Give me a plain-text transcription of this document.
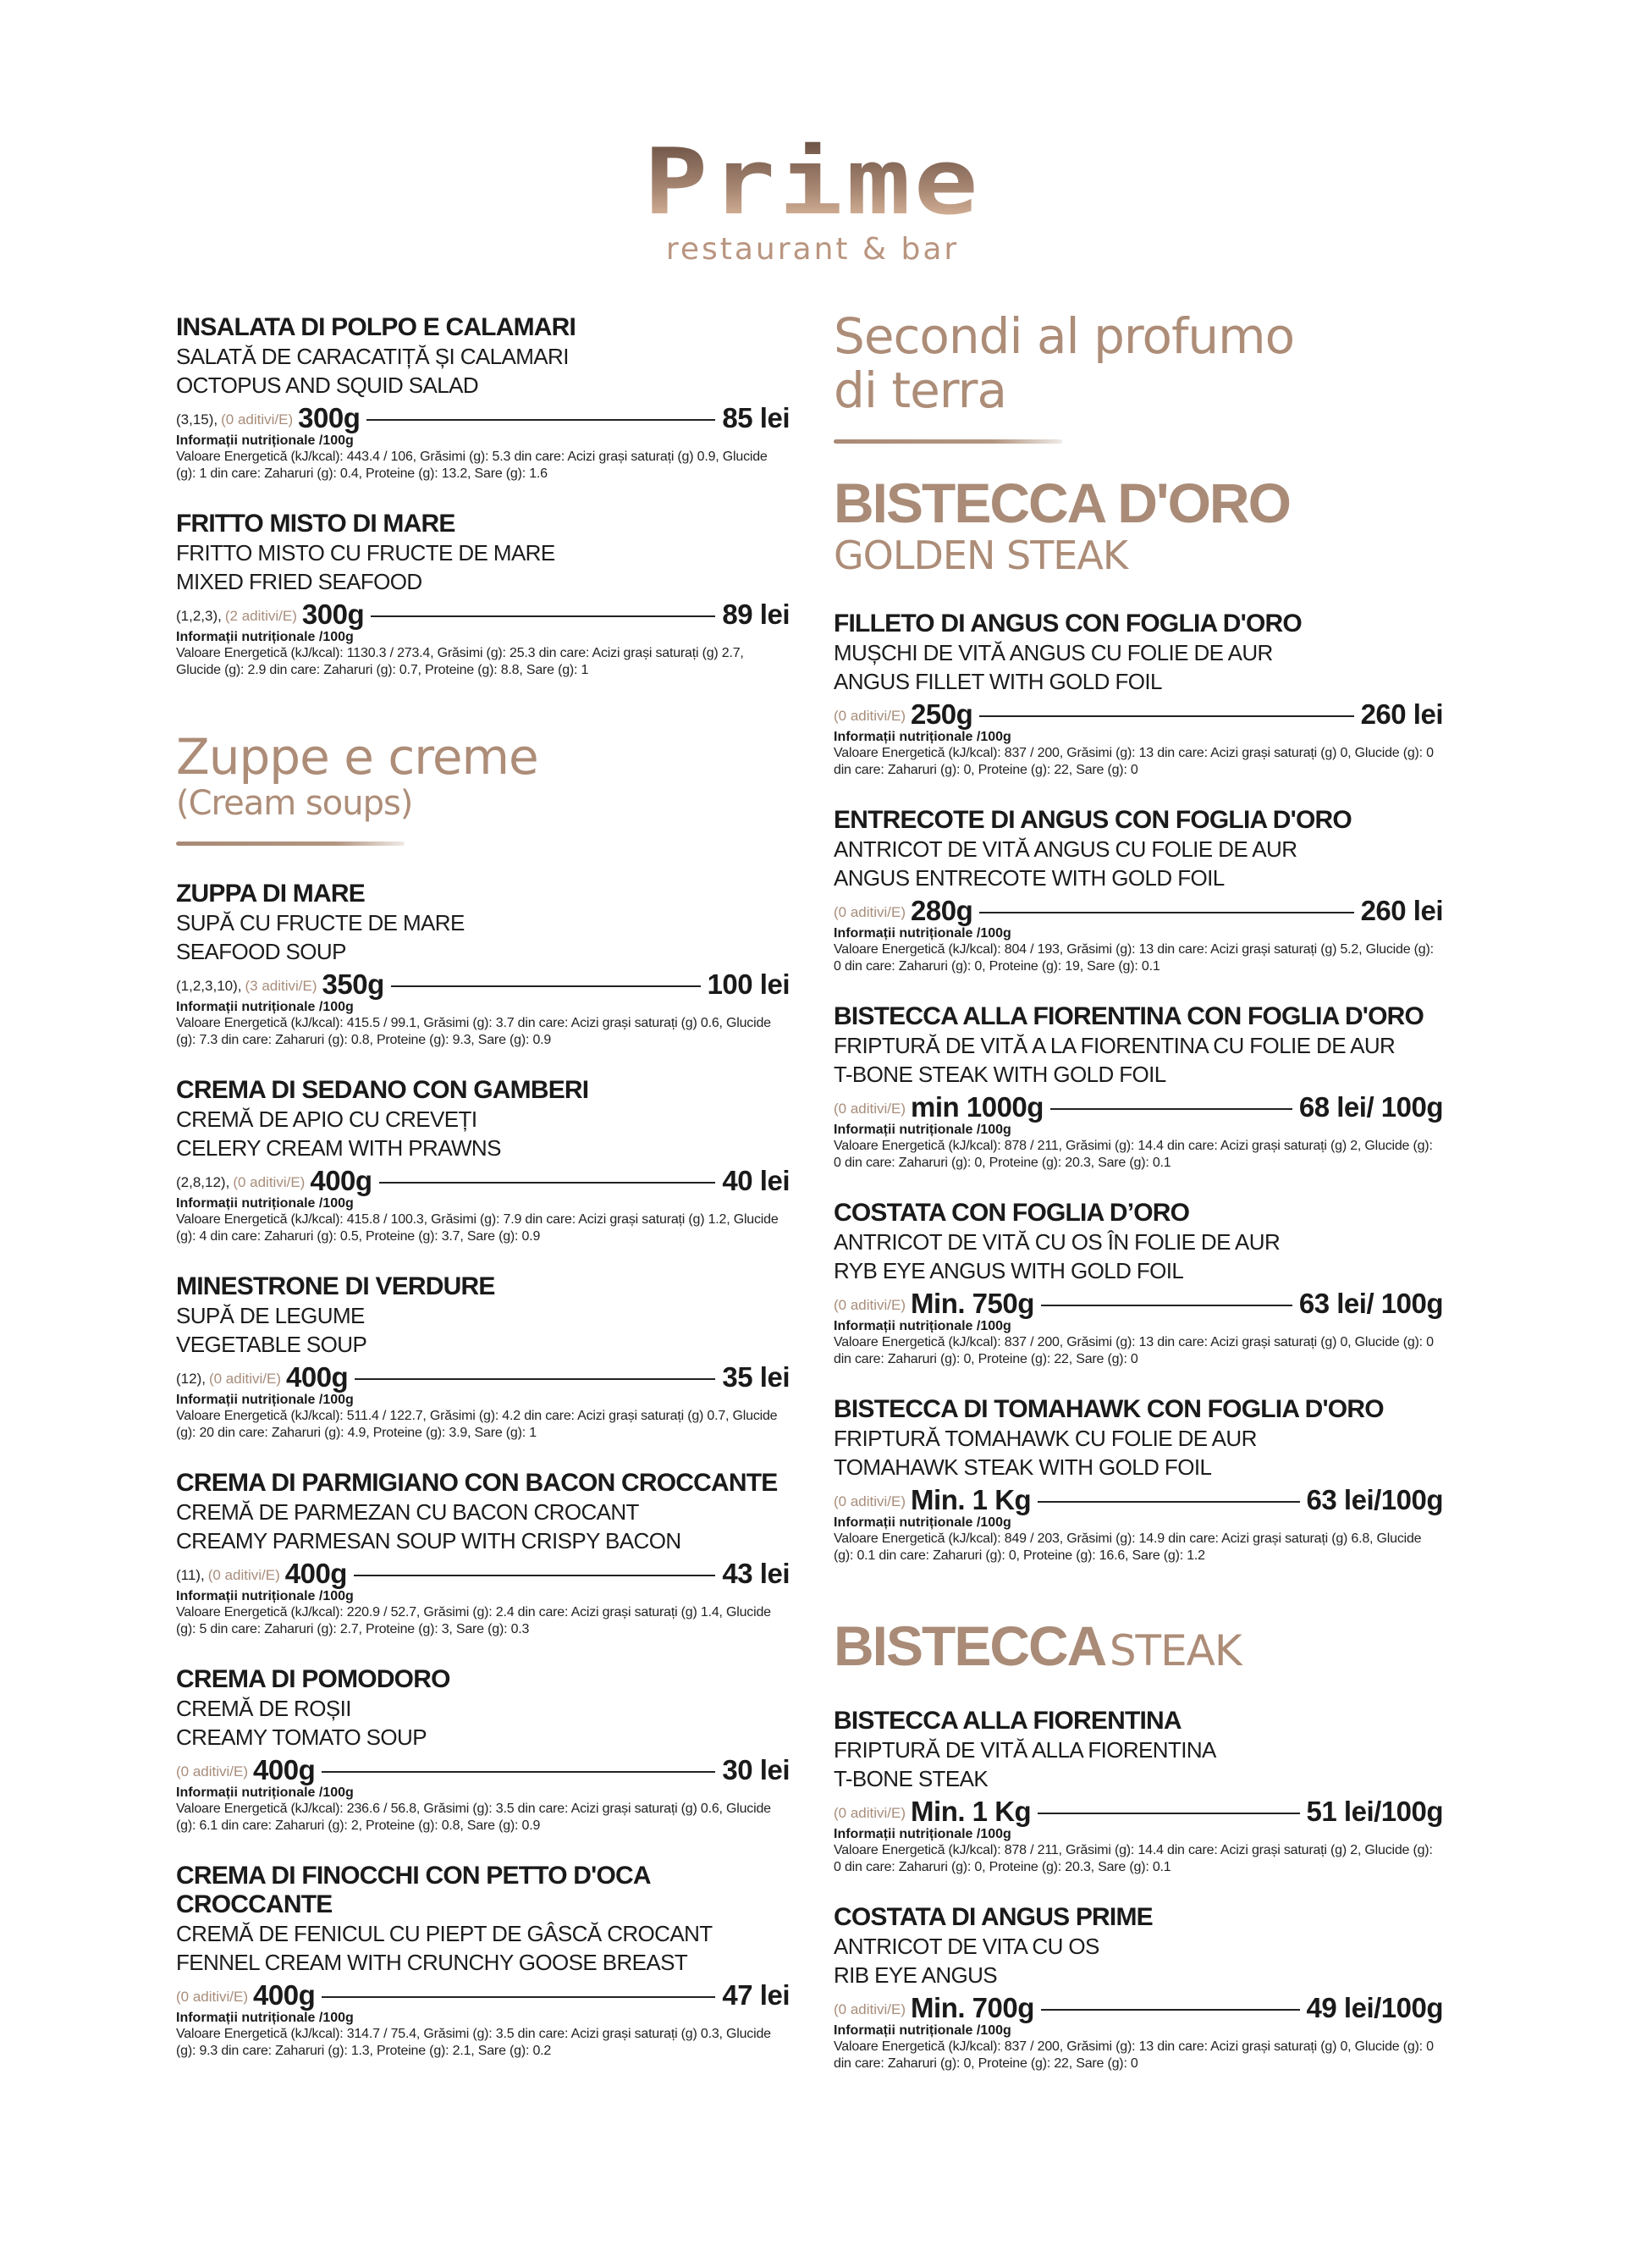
Prime
restaurant & bar
INSALATA DI POLPO E CALAMARI
SALATĂ DE CARACATIȚĂ ȘI CALAMARI
OCTOPUS AND SQUID SALAD
(3,15), (0 aditivi/E) 300g	85 lei
Informații nutriționale /100g
Valoare Energetică (kJ/kcal): 443.4 / 106, Grăsimi (g): 5.3 din care: Acizi grași saturați (g) 0.9, Glucide (g): 1 din care: Zaharuri (g): 0.4, Proteine (g): 13.2, Sare (g): 1.6
FRITTO MISTO DI MARE
FRITTO MISTO CU FRUCTE DE MARE
MIXED FRIED SEAFOOD
(1,2,3), (2 aditivi/E) 300g	89 lei
Informații nutriționale /100g
Valoare Energetică (kJ/kcal): 1130.3 / 273.4, Grăsimi (g): 25.3 din care: Acizi grași saturați (g) 2.7, Glucide (g): 2.9 din care: Zaharuri (g): 0.7, Proteine (g): 8.8, Sare (g): 1
Zuppe e creme
(Cream soups)
ZUPPA DI MARE
SUPĂ CU FRUCTE DE MARE
SEAFOOD SOUP
(1,2,3,10), (3 aditivi/E) 350g	100 lei
Informații nutriționale /100g
Valoare Energetică (kJ/kcal): 415.5 / 99.1, Grăsimi (g): 3.7 din care: Acizi grași saturați (g) 0.6, Glucide (g): 7.3 din care: Zaharuri (g): 0.8, Proteine (g): 9.3, Sare (g): 0.9
CREMA DI SEDANO CON GAMBERI
CREMĂ DE APIO CU CREVEȚI
CELERY CREAM WITH PRAWNS
(2,8,12), (0 aditivi/E) 400g	40 lei
Informații nutriționale /100g
Valoare Energetică (kJ/kcal): 415.8 / 100.3, Grăsimi (g): 7.9 din care: Acizi grași saturați (g) 1.2, Glucide (g): 4 din care: Zaharuri (g): 0.5, Proteine (g): 3.7, Sare (g): 0.9
MINESTRONE DI VERDURE
SUPĂ DE LEGUME
VEGETABLE SOUP
(12), (0 aditivi/E) 400g	35 lei
Informații nutriționale /100g
Valoare Energetică (kJ/kcal): 511.4 / 122.7, Grăsimi (g): 4.2 din care: Acizi grași saturați (g) 0.7, Glucide (g): 20 din care: Zaharuri (g): 4.9, Proteine (g): 3.9, Sare (g): 1
CREMA DI PARMIGIANO CON BACON CROCCANTE
CREMĂ DE PARMEZAN CU BACON CROCANT
CREAMY PARMESAN SOUP WITH CRISPY BACON
(11), (0 aditivi/E) 400g	43 lei
Informații nutriționale /100g
Valoare Energetică (kJ/kcal): 220.9 / 52.7, Grăsimi (g): 2.4 din care: Acizi grași saturați (g) 1.4, Glucide (g): 5 din care: Zaharuri (g): 2.7, Proteine (g): 3, Sare (g): 0.3
CREMA DI POMODORO
CREMĂ DE ROȘII
CREAMY TOMATO SOUP
(0 aditivi/E) 400g	30 lei
Informații nutriționale /100g
Valoare Energetică (kJ/kcal): 236.6 / 56.8, Grăsimi (g): 3.5 din care: Acizi grași saturați (g) 0.6, Glucide (g): 6.1 din care: Zaharuri (g): 2, Proteine (g): 0.8, Sare (g): 0.9
CREMA DI FINOCCHI CON PETTO D'OCA CROCCANTE
CREMĂ DE FENICUL CU PIEPT DE GÂSCĂ CROCANT
FENNEL CREAM WITH CRUNCHY GOOSE BREAST
(0 aditivi/E) 400g	47 lei
Informații nutriționale /100g
Valoare Energetică (kJ/kcal): 314.7 / 75.4, Grăsimi (g): 3.5 din care: Acizi grași saturați (g) 0.3, Glucide (g): 9.3 din care: Zaharuri (g): 1.3, Proteine (g): 2.1, Sare (g): 0.2
Secondi al profumo di terra
BISTECCA D'ORO
GOLDEN STEAK
FILLETO DI ANGUS CON FOGLIA D'ORO
MUȘCHI DE VITĂ ANGUS CU FOLIE DE AUR
ANGUS FILLET WITH GOLD FOIL
(0 aditivi/E) 250g	260 lei
Informații nutriționale /100g
Valoare Energetică (kJ/kcal): 837 / 200, Grăsimi (g): 13 din care: Acizi grași saturați (g) 0, Glucide (g): 0 din care: Zaharuri (g): 0, Proteine (g): 22, Sare (g): 0
ENTRECOTE DI ANGUS CON FOGLIA D'ORO
ANTRICOT DE VITĂ ANGUS CU FOLIE DE AUR
ANGUS ENTRECOTE WITH GOLD FOIL
(0 aditivi/E) 280g	260 lei
Informații nutriționale /100g
Valoare Energetică (kJ/kcal): 804 / 193, Grăsimi (g): 13 din care: Acizi grași saturați (g) 5.2, Glucide (g): 0 din care: Zaharuri (g): 0, Proteine (g): 19, Sare (g): 0.1
BISTECCA ALLA FIORENTINA CON FOGLIA D'ORO
FRIPTURĂ DE VITĂ A LA FIORENTINA CU FOLIE DE AUR
T-BONE STEAK WITH GOLD FOIL
(0 aditivi/E) min 1000g	68 lei/ 100g
Informații nutriționale /100g
Valoare Energetică (kJ/kcal): 878 / 211, Grăsimi (g): 14.4 din care: Acizi grași saturați (g) 2, Glucide (g): 0 din care: Zaharuri (g): 0, Proteine (g): 20.3, Sare (g): 0.1
COSTATA CON FOGLIA D’ORO
ANTRICOT DE VITĂ CU OS ÎN FOLIE DE AUR
RYB EYE ANGUS WITH GOLD FOIL
(0 aditivi/E) Min. 750g	63 lei/ 100g
Informații nutriționale /100g
Valoare Energetică (kJ/kcal): 837 / 200, Grăsimi (g): 13 din care: Acizi grași saturați (g) 0, Glucide (g): 0 din care: Zaharuri (g): 0, Proteine (g): 22, Sare (g): 0
BISTECCA DI TOMAHAWK CON FOGLIA D'ORO
FRIPTURĂ TOMAHAWK CU FOLIE DE AUR
TOMAHAWK STEAK WITH GOLD FOIL
(0 aditivi/E) Min. 1 Kg	63 lei/100g
Informații nutriționale /100g
Valoare Energetică (kJ/kcal): 849 / 203, Grăsimi (g): 14.9 din care: Acizi grași saturați (g) 6.8, Glucide (g): 0.1 din care: Zaharuri (g): 0, Proteine (g): 16.6, Sare (g): 1.2
BISTECCA STEAK
BISTECCA ALLA FIORENTINA
FRIPTURĂ DE VITĂ ALLA FIORENTINA
T-BONE STEAK
(0 aditivi/E) Min. 1 Kg	51 lei/100g
Informații nutriționale /100g
Valoare Energetică (kJ/kcal): 878 / 211, Grăsimi (g): 14.4 din care: Acizi grași saturați (g) 2, Glucide (g): 0 din care: Zaharuri (g): 0, Proteine (g): 20.3, Sare (g): 0.1
COSTATA DI ANGUS PRIME
ANTRICOT DE VITA CU OS
RIB EYE ANGUS
(0 aditivi/E) Min. 700g	49 lei/100g
Informații nutriționale /100g
Valoare Energetică (kJ/kcal): 837 / 200, Grăsimi (g): 13 din care: Acizi grași saturați (g) 0, Glucide (g): 0 din care: Zaharuri (g): 0, Proteine (g): 22, Sare (g): 0
